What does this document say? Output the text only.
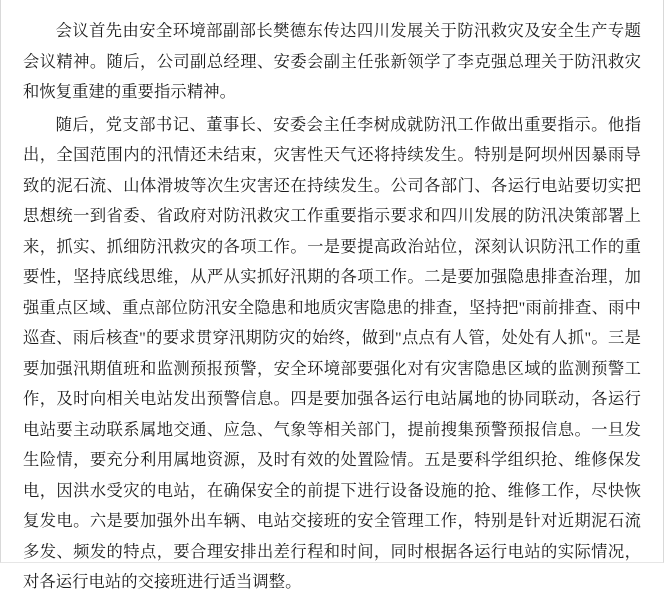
会议首先由安全环境部副部长樊德东传达四川发展关于防汛救灾及安全生产专题会议精神。随后，公司副总经理、安委会副主任张新领学了李克强总理关于防汛救灾和恢复重建的重要指示精神。

随后，党支部书记、董事长、安委会主任李树成就防汛工作做出重要指示。他指出，全国范围内的汛情还未结束，灾害性天气还将持续发生。特别是阿坝州因暴雨导致的泥石流、山体滑坡等次生灾害还在持续发生。公司各部门、各运行电站要切实把思想统一到省委、省政府对防汛救灾工作重要指示要求和四川发展的防汛决策部署上来，抓实、抓细防汛救灾的各项工作。一是要提高政治站位，深刻认识防汛工作的重要性，坚持底线思维，从严从实抓好汛期的各项工作。二是要加强隐患排查治理，加强重点区域、重点部位防汛安全隐患和地质灾害隐患的排查，坚持把"雨前排查、雨中巡查、雨后核查"的要求贯穿汛期防灾的始终，做到"点点有人管，处处有人抓"。三是要加强汛期值班和监测预报预警，安全环境部要强化对有灾害隐患区域的监测预警工作，及时向相关电站发出预警信息。四是要加强各运行电站属地的协同联动，各运行电站要主动联系属地交通、应急、气象等相关部门，提前搜集预警预报信息。一旦发生险情，要充分利用属地资源，及时有效的处置险情。五是要科学组织抢、维修保发电，因洪水受灾的电站，在确保安全的前提下进行设备设施的抢、维修工作，尽快恢复发电。六是要加强外出车辆、电站交接班的安全管理工作，特别是针对近期泥石流多发、频发的特点，要合理安排出差行程和时间，同时根据各运行电站的实际情况，对各运行电站的交接班进行适当调整。
